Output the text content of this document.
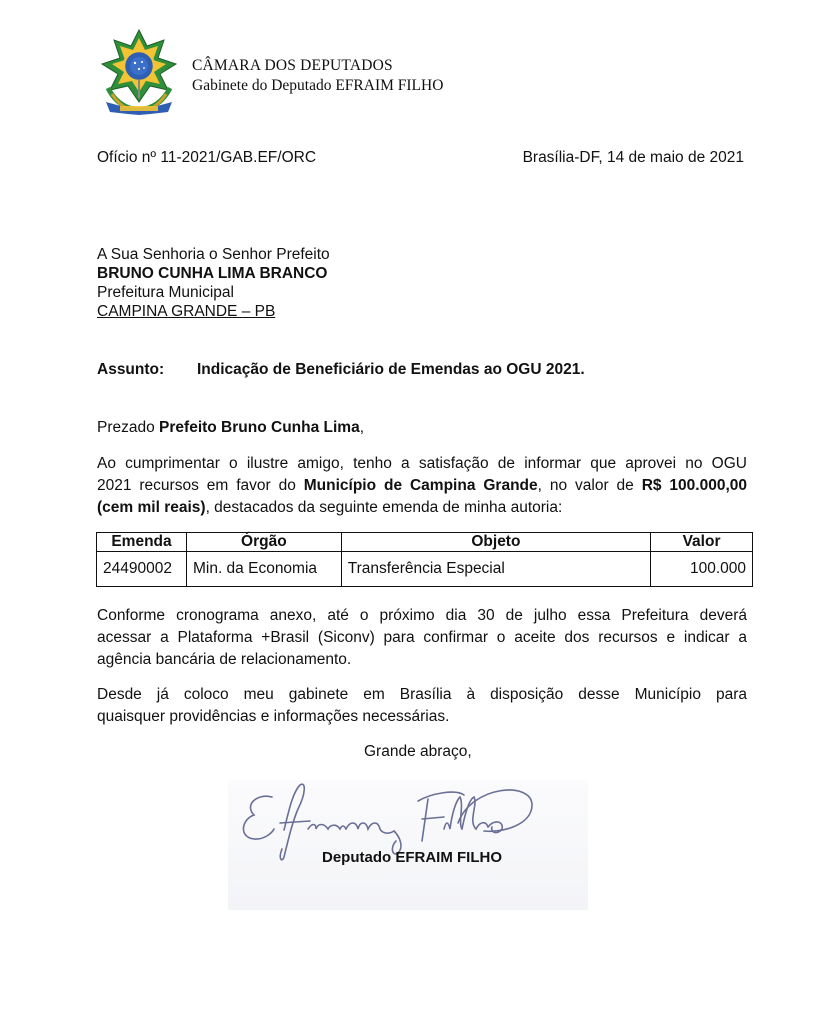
CÂMARA DOS DEPUTADOS
Gabinete do Deputado EFRAIM FILHO
Ofício nº 11-2021/GAB.EF/ORC	Brasília-DF, 14 de maio de 2021
A Sua Senhoria o Senhor Prefeito
BRUNO CUNHA LIMA BRANCO
Prefeitura Municipal
CAMPINA GRANDE – PB
Assunto: Indicação de Beneficiário de Emendas ao OGU 2021.
Prezado Prefeito Bruno Cunha Lima,
Ao cumprimentar o ilustre amigo, tenho a satisfação de informar que aprovei no OGU
2021 recursos em favor do Município de Campina Grande, no valor de R$ 100.000,00
(cem mil reais), destacados da seguinte emenda de minha autoria:
Emenda	Órgão	Objeto	Valor
24490002	Min. da Economia	Transferência Especial	100.000
Conforme cronograma anexo, até o próximo dia 30 de julho essa Prefeitura deverá
acessar a Plataforma +Brasil (Siconv) para confirmar o aceite dos recursos e indicar a
agência bancária de relacionamento.
Desde já coloco meu gabinete em Brasília à disposição desse Município para
quaisquer providências e informações necessárias.
Grande abraço,
Deputado EFRAIM FILHO
